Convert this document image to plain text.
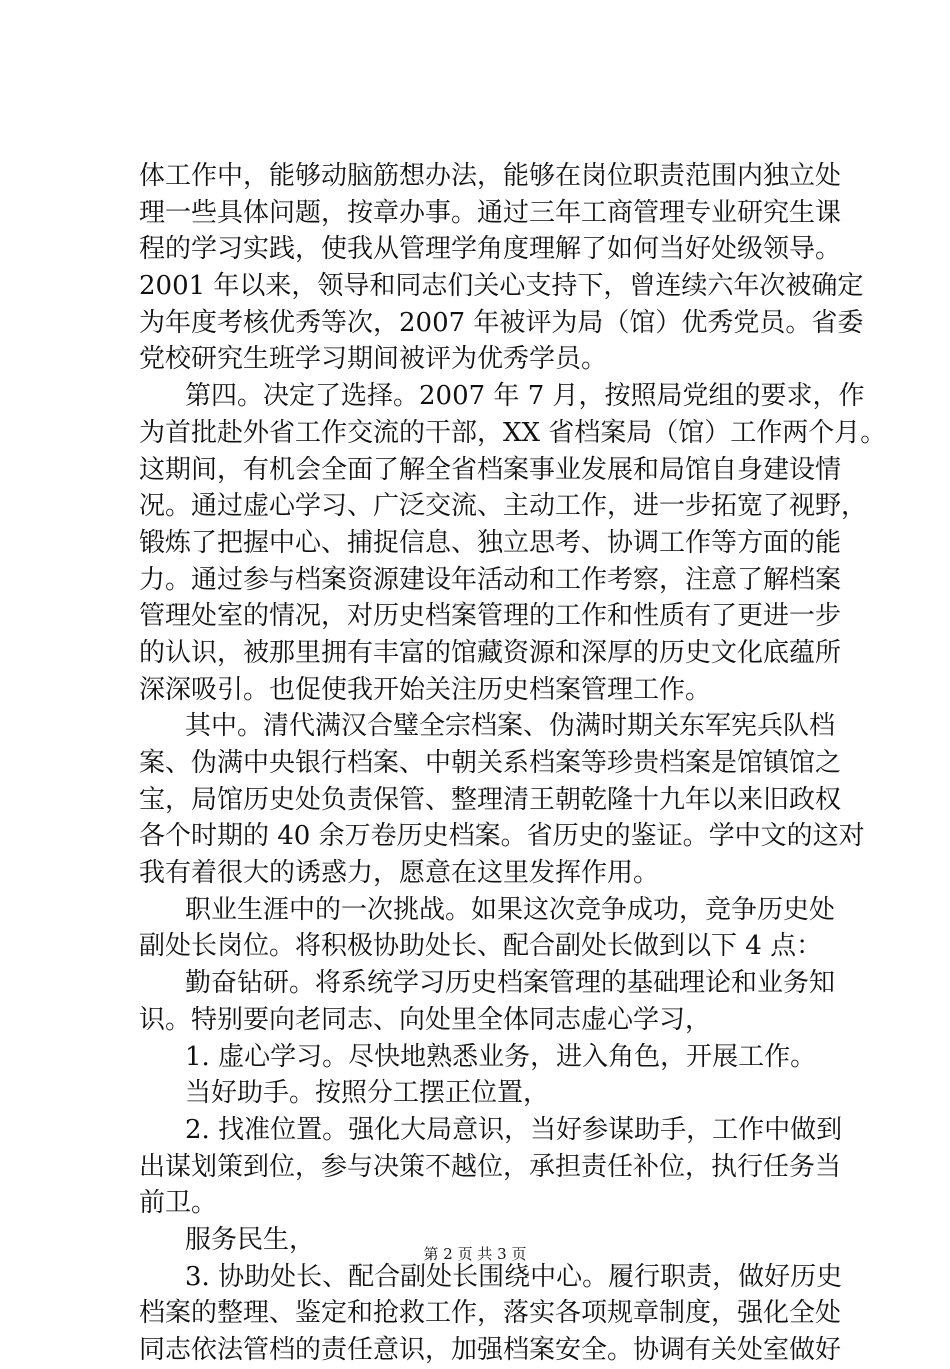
体工作中，能够动脑筋想办法，能够在岗位职责范围内独立处
理一些具体问题，按章办事。通过三年工商管理专业研究生课
程的学习实践，使我从管理学角度理解了如何当好处级领导。
2001 年以来，领导和同志们关心支持下，曾连续六年次被确定
为年度考核优秀等次，2007 年被评为局（馆）优秀党员。省委
党校研究生班学习期间被评为优秀学员。
第四。决定了选择。2007 年 7 月，按照局党组的要求，作
为首批赴外省工作交流的干部，XX 省档案局（馆）工作两个月。
这期间，有机会全面了解全省档案事业发展和局馆自身建设情
况。通过虚心学习、广泛交流、主动工作，进一步拓宽了视野，
锻炼了把握中心、捕捉信息、独立思考、协调工作等方面的能
力。通过参与档案资源建设年活动和工作考察，注意了解档案
管理处室的情况，对历史档案管理的工作和性质有了更进一步
的认识，被那里拥有丰富的馆藏资源和深厚的历史文化底蕴所
深深吸引。也促使我开始关注历史档案管理工作。
其中。清代满汉合璧全宗档案、伪满时期关东军宪兵队档
案、伪满中央银行档案、中朝关系档案等珍贵档案是馆镇馆之
宝，局馆历史处负责保管、整理清王朝乾隆十九年以来旧政权
各个时期的 40 余万卷历史档案。省历史的鉴证。学中文的这对
我有着很大的诱惑力，愿意在这里发挥作用。
职业生涯中的一次挑战。如果这次竞争成功，竞争历史处
副处长岗位。将积极协助处长、配合副处长做到以下 4 点：
勤奋钻研。将系统学习历史档案管理的基础理论和业务知
识。特别要向老同志、向处里全体同志虚心学习，
1. 虚心学习。尽快地熟悉业务，进入角色，开展工作。
当好助手。按照分工摆正位置，
2. 找准位置。强化大局意识，当好参谋助手，工作中做到
出谋划策到位，参与决策不越位，承担责任补位，执行任务当
前卫。
服务民生，
3. 协助处长、配合副处长围绕中心。履行职责，做好历史
档案的整理、鉴定和抢救工作，落实各项规章制度，强化全处
同志依法管档的责任意识，加强档案安全。协调有关处室做好
第 2 页 共 3 页
